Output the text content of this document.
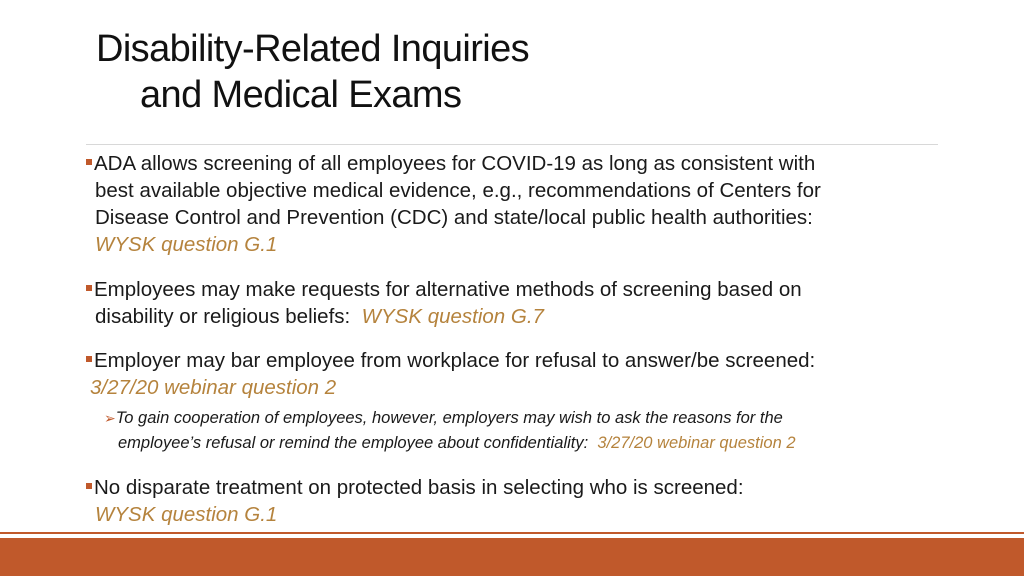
Disability-Related Inquiries
and Medical Exams
ADA allows screening of all employees for COVID-19 as long as consistent with
best available objective medical evidence, e.g., recommendations of Centers for
Disease Control and Prevention (CDC) and state/local public health authorities:
WYSK question G.1
Employees may make requests for alternative methods of screening based on
disability or religious beliefs: WYSK question G.7
Employer may bar employee from workplace for refusal to answer/be screened:
3/27/20 webinar question 2
➢To gain cooperation of employees, however, employers may wish to ask the reasons for the
employee’s refusal or remind the employee about confidentiality: 3/27/20 webinar question 2
No disparate treatment on protected basis in selecting who is screened:
WYSK question G.1
